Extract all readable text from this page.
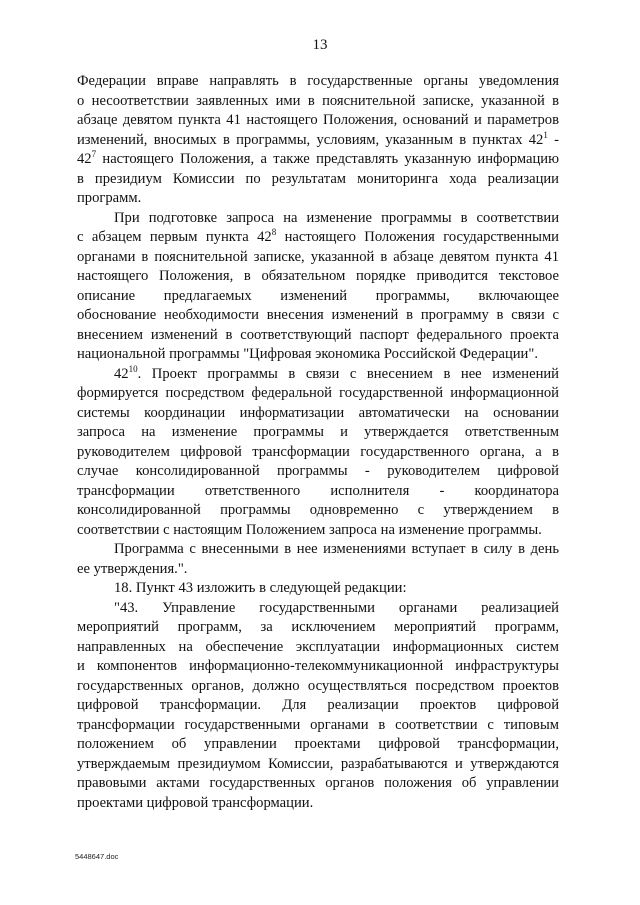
13

Федерации вправе направлять в государственные органы уведомления
о несоответствии заявленных ими в пояснительной записке, указанной в
абзаце девятом пункта 41 настоящего Положения, оснований и параметров
изменений, вносимых в программы, условиям, указанным в пунктах $42^1$ -
$42^7$ настоящего Положения, а также представлять указанную информацию
в президиум Комиссии по результатам мониторинга хода реализации
программ.

При подготовке запроса на изменение программы в соответствии
с абзацем первым пункта $42^8$ настоящего Положения государственными
органами в пояснительной записке, указанной в абзаце девятом пункта 41
настоящего Положения, в обязательном порядке приводится текстовое
описание предлагаемых изменений программы, включающее
обоснование необходимости внесения изменений в программу в связи с
внесением изменений в соответствующий паспорт федерального проекта
национальной программы "Цифровая экономика Российской Федерации".

$42^{10}$. Проект программы в связи с внесением в нее изменений
формируется посредством федеральной государственной информационной
системы координации информатизации автоматически на основании
запроса на изменение программы и утверждается ответственным
руководителем цифровой трансформации государственного органа, а в
случае консолидированной программы - руководителем цифровой
трансформации ответственного исполнителя - координатора
консолидированной программы одновременно с утверждением в
соответствии с настоящим Положением запроса на изменение программы.

Программа с внесенными в нее изменениями вступает в силу в день
ее утверждения.".

18. Пункт 43 изложить в следующей редакции:

"43. Управление государственными органами реализацией
мероприятий программ, за исключением мероприятий программ,
направленных на обеспечение эксплуатации информационных систем
и компонентов информационно-телекоммуникационной инфраструктуры
государственных органов, должно осуществляться посредством проектов
цифровой трансформации. Для реализации проектов цифровой
трансформации государственными органами в соответствии с типовым
положением об управлении проектами цифровой трансформации,
утверждаемым президиумом Комиссии, разрабатываются и утверждаются
правовыми актами государственных органов положения об управлении
проектами цифровой трансформации.

5448647.doc
